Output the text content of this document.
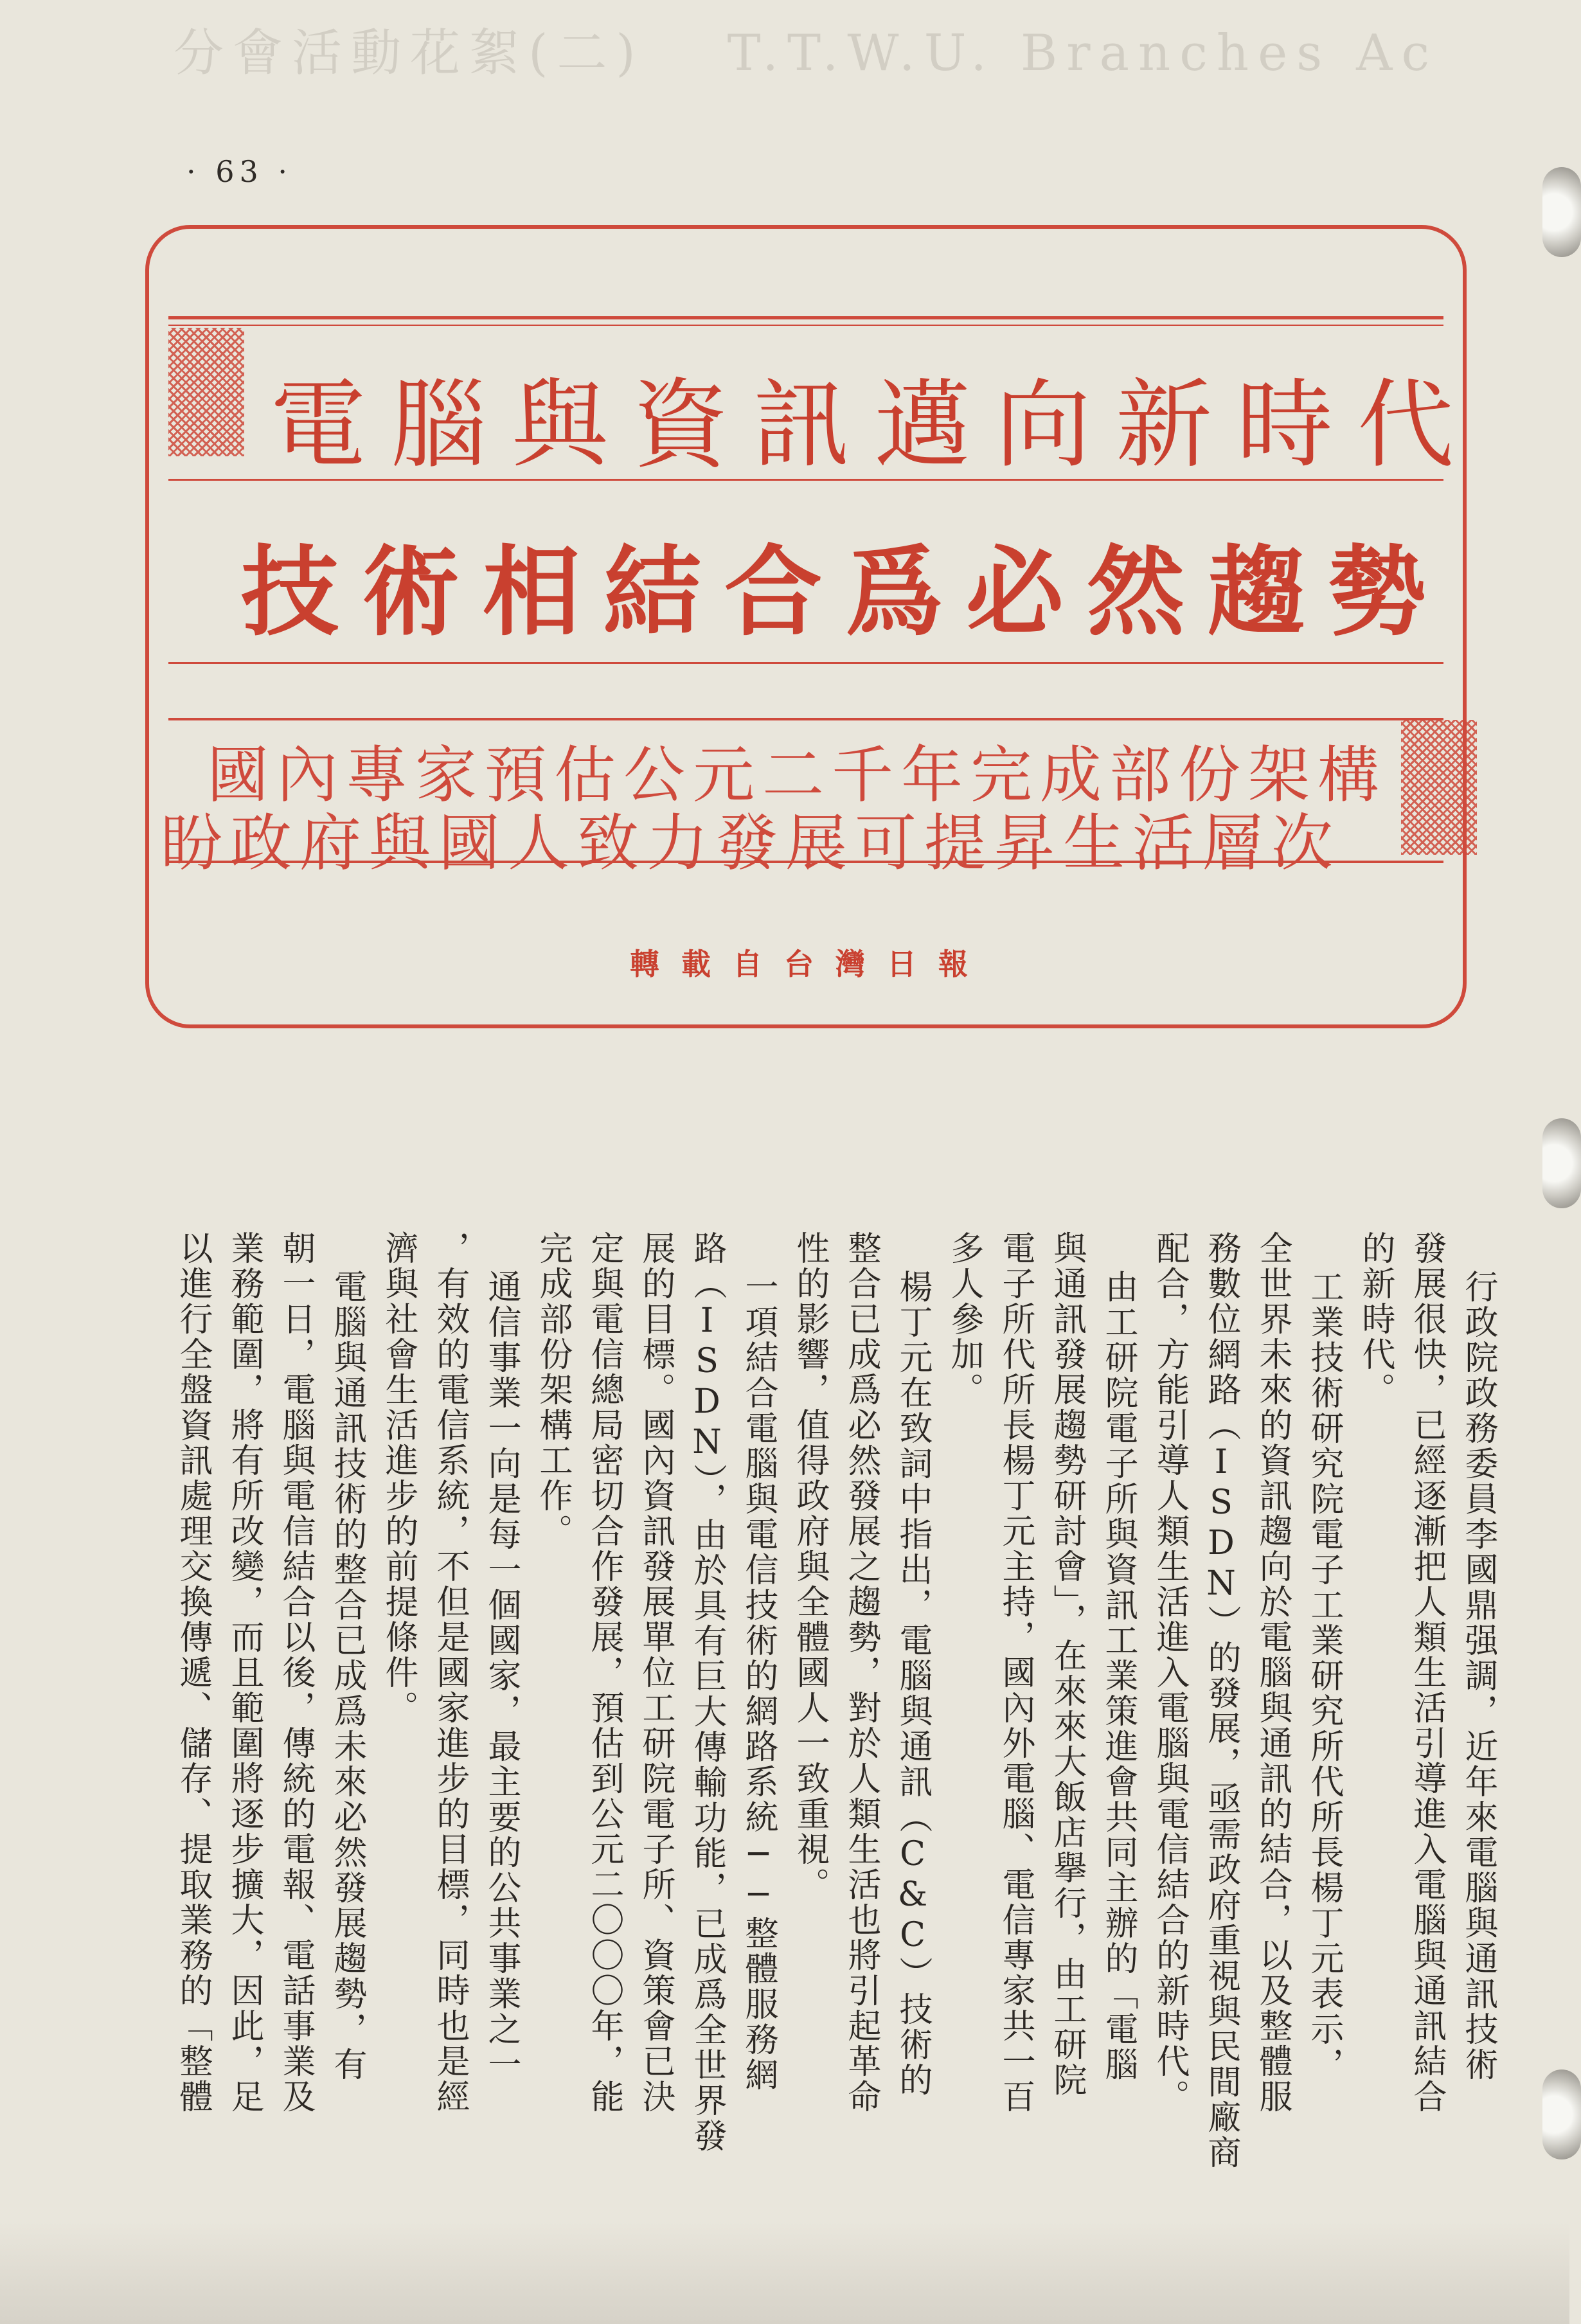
分會活動花絮(二) T.T.W.U. Branches Ac
· 63 ·
電腦與資訊邁向新時代
技術相結合爲必然趨勢
國內專家預估公元二千年完成部份架構
盼政府與國人致力發展可提昇生活層次
轉載自台灣日報
行政院政務委員李國鼎强調，近年來電腦與通訊技術
發展很快，已經逐漸把人類生活引導進入電腦與通訊結合
的新時代。
工業技術研究院電子工業研究所代所長楊丁元表示，
全世界未來的資訊趨向於電腦與通訊的結合，以及整體服
務數位網路（ISDN）的發展，亟需政府重視與民間廠商
配合，方能引導人類生活進入電腦與電信結合的新時代。
由工研院電子所與資訊工業策進會共同主辦的「電腦
與通訊發展趨勢研討會」，在來來大飯店擧行，由工研院
電子所代所長楊丁元主持，國內外電腦、電信專家共一百
多人參加。
楊丁元在致詞中指出，電腦與通訊（C&C）技術的
整合已成爲必然發展之趨勢，對於人類生活也將引起革命
性的影響，值得政府與全體國人一致重視。
一項結合電腦與電信技術的網路系統──整體服務網
路（ISDN），由於具有巨大傳輸功能，已成爲全世界發
展的目標。國內資訊發展單位工研院電子所、資策會已決
定與電信總局密切合作發展，預估到公元二〇〇〇年，能
完成部份架構工作。
通信事業一向是每一個國家，最主要的公共事業之一
，有效的電信系統，不但是國家進步的目標，同時也是經
濟與社會生活進步的前提條件。
電腦與通訊技術的整合已成爲未來必然發展趨勢，有
朝一日，電腦與電信結合以後，傳統的電報、電話事業及
業務範圍，將有所改變，而且範圍將逐步擴大，因此，足
以進行全盤資訊處理交換傳遞、儲存、提取業務的「整體
